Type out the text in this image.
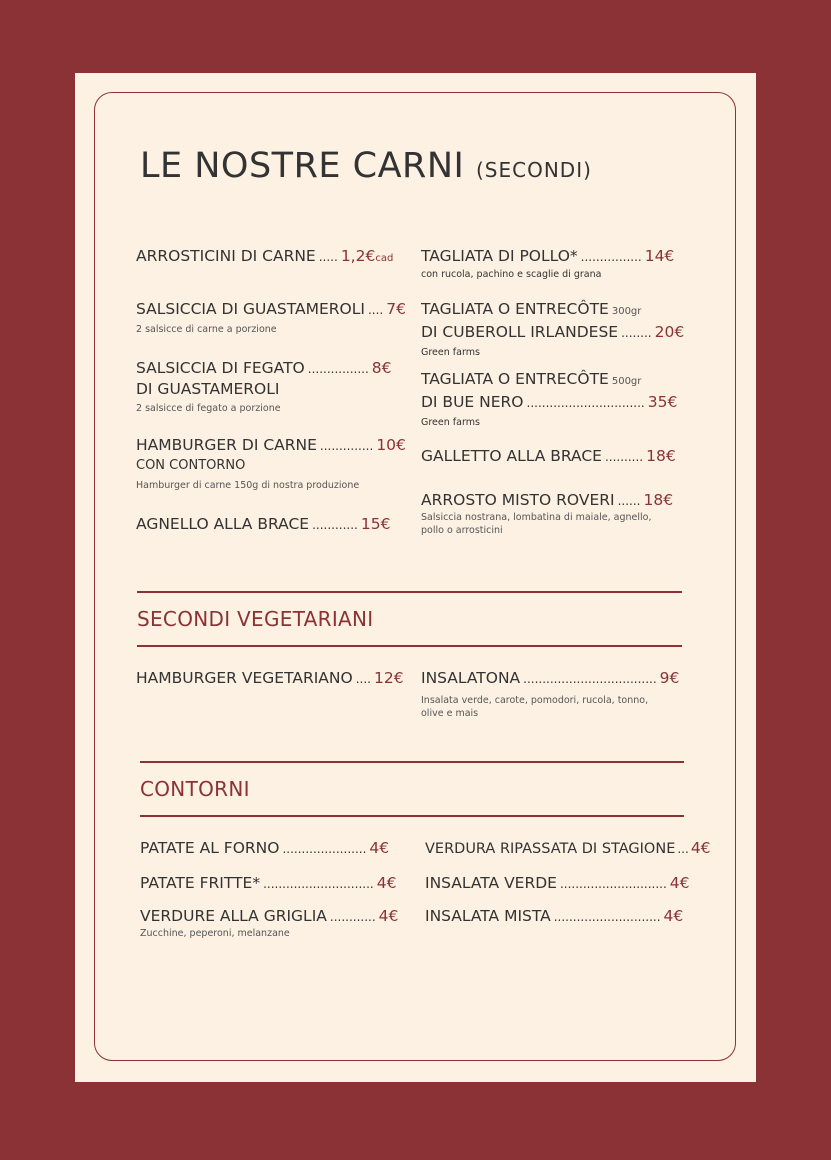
LE NOSTRE CARNI (SECONDI)
ARROSTICINI DI CARNE ..... 1,2€ cad
SALSICCIA DI GUASTAMEROLI .... 7€
2 salsicce di carne a porzione
SALSICCIA DI FEGATO ................ 8€
DI GUASTAMEROLI
2 salsicce di fegato a porzione
HAMBURGER DI CARNE .............. 10€
CON CONTORNO
Hamburger di carne 150g di nostra produzione
AGNELLO ALLA BRACE ............ 15€
TAGLIATA DI POLLO* ................ 14€
con rucola, pachino e scaglie di grana
TAGLIATA O ENTRECÔTE 300gr
DI CUBEROLL IRLANDESE ........ 20€
Green farms
TAGLIATA O ENTRECÔTE 500gr
DI BUE NERO ............................... 35€
Green farms
GALLETTO ALLA BRACE .......... 18€
ARROSTO MISTO ROVERI ...... 18€
Salsiccia nostrana, lombatina di maiale, agnello, pollo o arrosticini
SECONDI VEGETARIANI
HAMBURGER VEGETARIANO .... 12€ INSALATONA ................................... 9€
Insalata verde, carote, pomodori, rucola, tonno, olive e mais
CONTORNI
PATATE AL FORNO ...................... 4€
PATATE FRITTE* ............................. 4€
VERDURE ALLA GRIGLIA ............ 4€
Zucchine, peperoni, melanzane
VERDURA RIPASSATA DI STAGIONE ... 4€
INSALATA VERDE ............................ 4€
INSALATA MISTA ............................ 4€
